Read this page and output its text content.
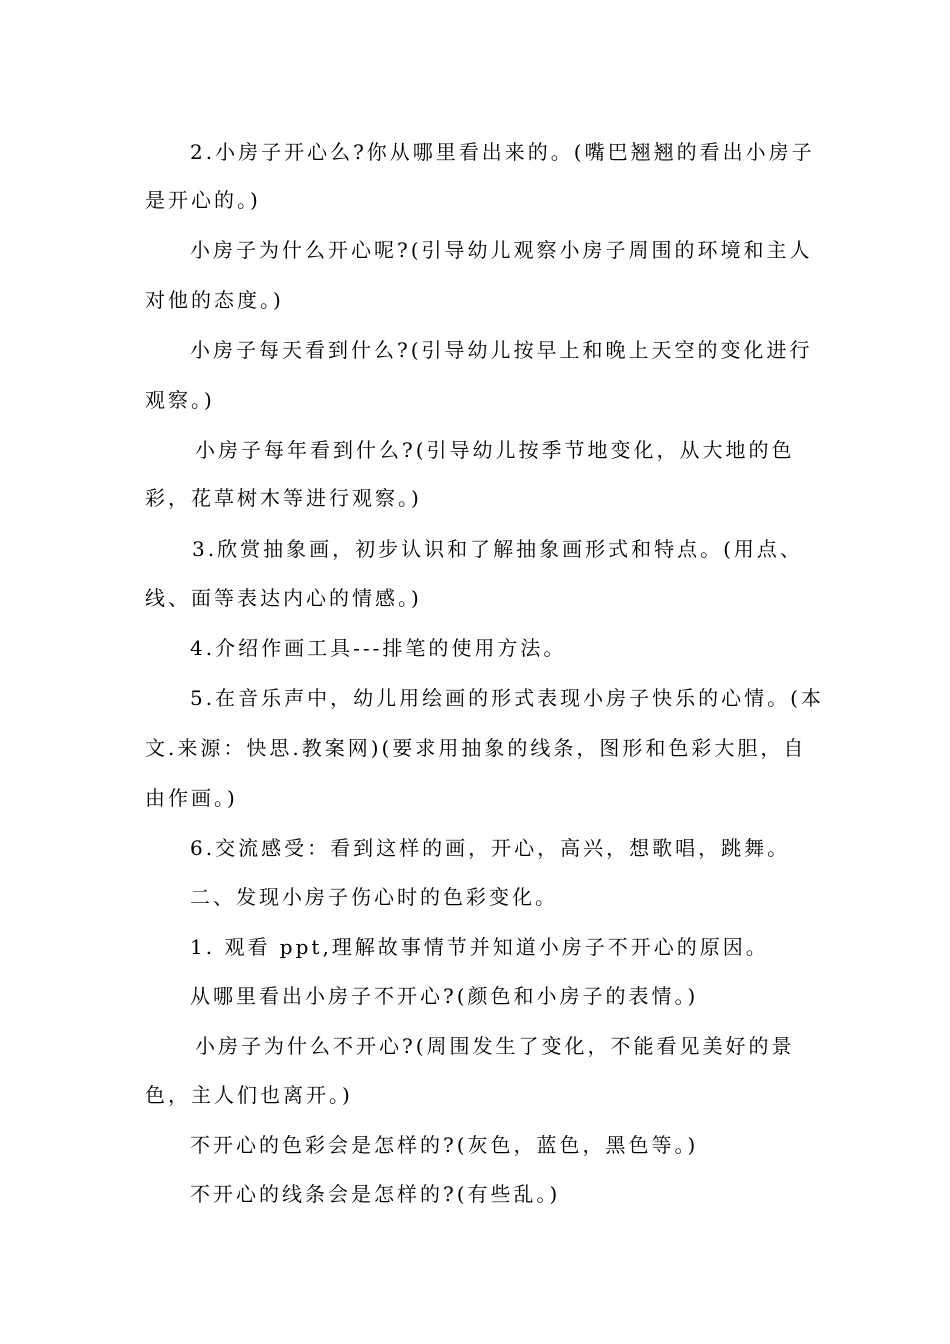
2.小房子开心么?你从哪里看出来的。(嘴巴翘翘的看出小房子
是开心的。)
小房子为什么开心呢?(引导幼儿观察小房子周围的环境和主人
对他的态度。)
小房子每天看到什么?(引导幼儿按早上和晚上天空的变化进行
观察。)
小房子每年看到什么?(引导幼儿按季节地变化，从大地的色
彩，花草树木等进行观察。)
3.欣赏抽象画，初步认识和了解抽象画形式和特点。(用点、
线、面等表达内心的情感。)
4.介绍作画工具---排笔的使用方法。
5.在音乐声中，幼儿用绘画的形式表现小房子快乐的心情。(本
文.来源：快思.教案网)(要求用抽象的线条，图形和色彩大胆，自
由作画。)
6.交流感受：看到这样的画，开心，高兴，想歌唱，跳舞。
二、发现小房子伤心时的色彩变化。
1. 观看 ppt,理解故事情节并知道小房子不开心的原因。
从哪里看出小房子不开心?(颜色和小房子的表情。)
小房子为什么不开心?(周围发生了变化，不能看见美好的景
色，主人们也离开。)
不开心的色彩会是怎样的?(灰色，蓝色，黑色等。)
不开心的线条会是怎样的?(有些乱。)
